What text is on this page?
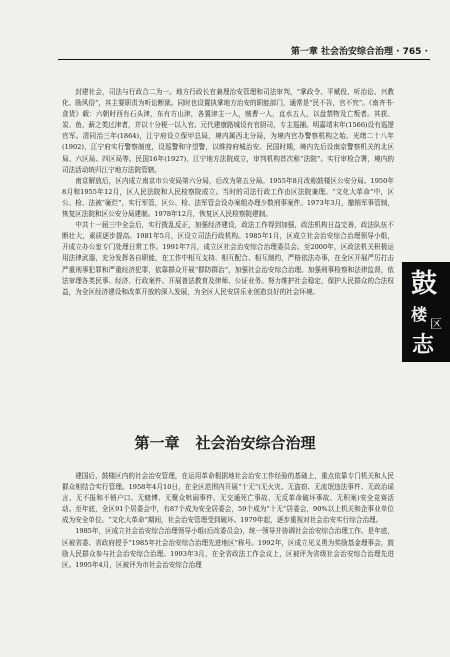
第一章 社会治安综合治理 · 765 ·

封建社会，司法与行政合二为一。地方行政长官兼理治安管理和司法审判，“掌政令、平赋役、听治讼、兴教化、励风俗”，其主要职责为听讼断狱。同时也设置执掌地方治安的职能部门，通常是“民不告，官不究”。《南齐书·食货》载：六朝时西有石头津，东有方山津，各置津主一人，贼曹一人，直水五人，以盘禁物及亡叛者。其获、炭、鱼、薪之类过津者，并以十分税一以入官。元代建康路城设有官厨司，专主巡捕。明嘉靖末年(1566)设有巡逻官军。清同治三年(1864)，江宁府设立保甲总局，境内属西北分局，为境内官办警察机构之始。光绪二十八年(1902)，江宁府实行警察制度，设巡警和守望警，以维持府城治安。民国时期，境内先后设南京警察机关的北区局、六区局、四区局等。民国16年(1927)，江宁地方法院成立，审判机构首次称“法院”。实行审检合署，境内的司法活动统归江宁地方法院管辖。

南京解放后，区内成立南京市公安局第六分局，后改为第五分局。1955年8月改称鼓楼区公安分局。1950年8月和1955年12月，区人民法院和人民检察院成立。当时的司法行政工作由区法院兼理。“文化大革命”中，区公、检、法被“砸烂”，实行军管，区公、检、法军管会设办案组办理少数刑事案件。1973年3月，撤销军事管制，恢复区法院和区公安分局建制。1978年12月，恢复区人民检察院建制。

中共十一届三中全会后，实行拨乱反正，加强经济建设，政法工作得到加强，政法机构日益完善，政法队伍不断壮大，素质逐步提高。1981年5月，区设立司法行政机构。1985年1月，区成立社会治安综合治理领导小组，开成立办公室专门处理日常工作。1991年7月，成立区社会治安综合治理委员会。至2000年，区政法机关积极运用法律武器，充分发挥各自职能，在工作中相互支持、相互配合、相互制约，严格依法办事，在全区开展严厉打击严重刑事犯罪和严重经济犯罪，依靠群众开展“群防群治”，加强社会治安综合治理。加强刑事检察和法律监督，依法审理各类民事、经济、行政案件。开展普法教育及律师、公证业务。努力维护社会稳定，保护人民群众的合法权益，为全区经济建设和改革开放的深入发展，为全区人民安居乐业创造良好的社会环境。	鼓
楼 区
志
第一章 社会治安综合治理

建国后，鼓楼区内的社会治安管理，在运用革命根据地社会治安工作经验的基础上，重点依靠专门机关和人民群众相结合实行管理。1958年4月10日，在全区范围内开展“十无”(无火灾、无盗窃、无流氓违法事件、无政治谣言、无不报和不销户口、无赌博、无聚众哄闹事件、无交通死亡事故、无反革命破坏事故、无积案)安全竞赛活动。至年底，全区91个居委会中，有87个成为安全居委会，59个成为“十无”居委会，90%以上机关和企事业单位成为安全单位。“文化大革命”期间，社会治安管理受到破坏。1979年起，逐步重视对社会治安实行综合治理。

1985年，区成立社会治安综合治理领导小组(后改委员会)，统一领导并协调社会治安综合治理工作。是年底，区被省委、省政府授予“1985年社会治安综合治理先进地区”称号。1992年，区成立见义勇为奖励基金理事会，鼓励人民群众参与社会治安综合治理。1993年3月，在全省政法工作会议上，区被评为省级社会治安综合治理先进区。1995年4月，区被评为市社会治安综合治理
